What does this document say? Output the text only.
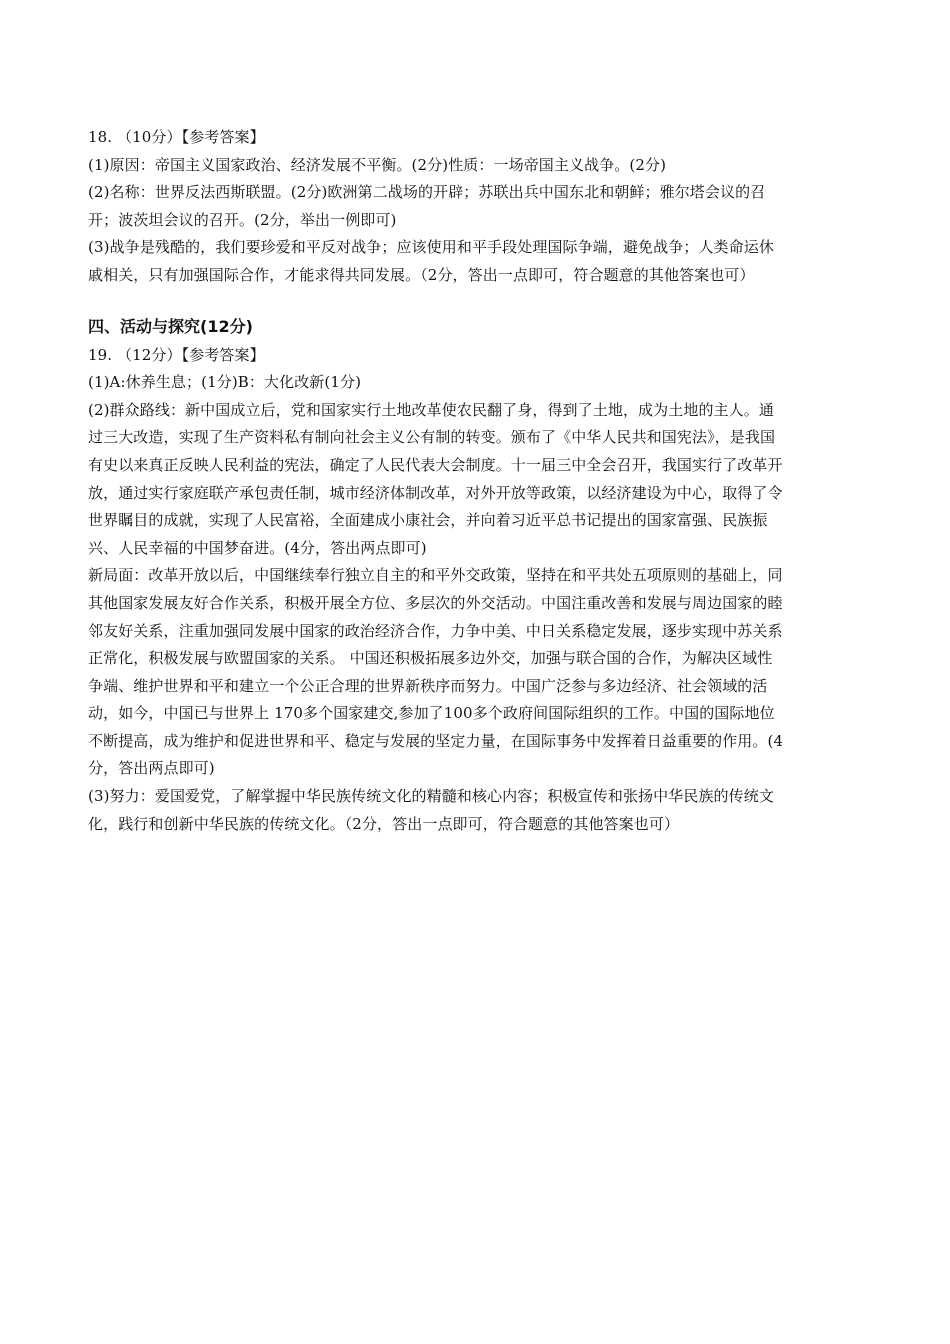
18. （10分）【参考答案】

(1)原因：帝国主义国家政治、经济发展不平衡。(2分)性质：一场帝国主义战争。(2分)

(2)名称：世界反法西斯联盟。(2分)欧洲第二战场的开辟；苏联出兵中国东北和朝鲜；雅尔塔会议的召

开；波茨坦会议的召开。(2分，举出一例即可)

(3)战争是残酷的，我们要珍爱和平反对战争；应该使用和平手段处理国际争端，避免战争；人类命运休

戚相关，只有加强国际合作，才能求得共同发展。（2分，答出一点即可，符合题意的其他答案也可）

四、活动与探究(12分)

19. （12分）【参考答案】

(1)A:休养生息；(1分)B：大化改新(1分)

(2)群众路线：新中国成立后，党和国家实行土地改革使农民翻了身，得到了土地，成为土地的主人。通

过三大改造，实现了生产资料私有制向社会主义公有制的转变。颁布了《中华人民共和国宪法》，是我国

有史以来真正反映人民利益的宪法，确定了人民代表大会制度。十一届三中全会召开，我国实行了改革开

放，通过实行家庭联产承包责任制，城市经济体制改革，对外开放等政策，以经济建设为中心，取得了令

世界瞩目的成就，实现了人民富裕，全面建成小康社会，并向着习近平总书记提出的国家富强、民族振

兴、人民幸福的中国梦奋进。(4分，答出两点即可)

新局面：改革开放以后，中国继续奉行独立自主的和平外交政策，坚持在和平共处五项原则的基础上，同

其他国家发展友好合作关系，积极开展全方位、多层次的外交活动。中国注重改善和发展与周边国家的睦

邻友好关系，注重加强同发展中国家的政治经济合作，力争中美、中日关系稳定发展，逐步实现中苏关系

正常化，积极发展与欧盟国家的关系。 中国还积极拓展多边外交，加强与联合国的合作，为解决区域性

争端、维护世界和平和建立一个公正合理的世界新秩序而努力。中国广泛参与多边经济、社会领域的活

动，如今，中国已与世界上 170多个国家建交,参加了100多个政府间国际组织的工作。中国的国际地位

不断提高，成为维护和促进世界和平、稳定与发展的坚定力量，在国际事务中发挥着日益重要的作用。(4

分，答出两点即可)

(3)努力：爱国爱党，了解掌握中华民族传统文化的精髓和核心内容；积极宣传和张扬中华民族的传统文

化，践行和创新中华民族的传统文化。（2分，答出一点即可，符合题意的其他答案也可）
